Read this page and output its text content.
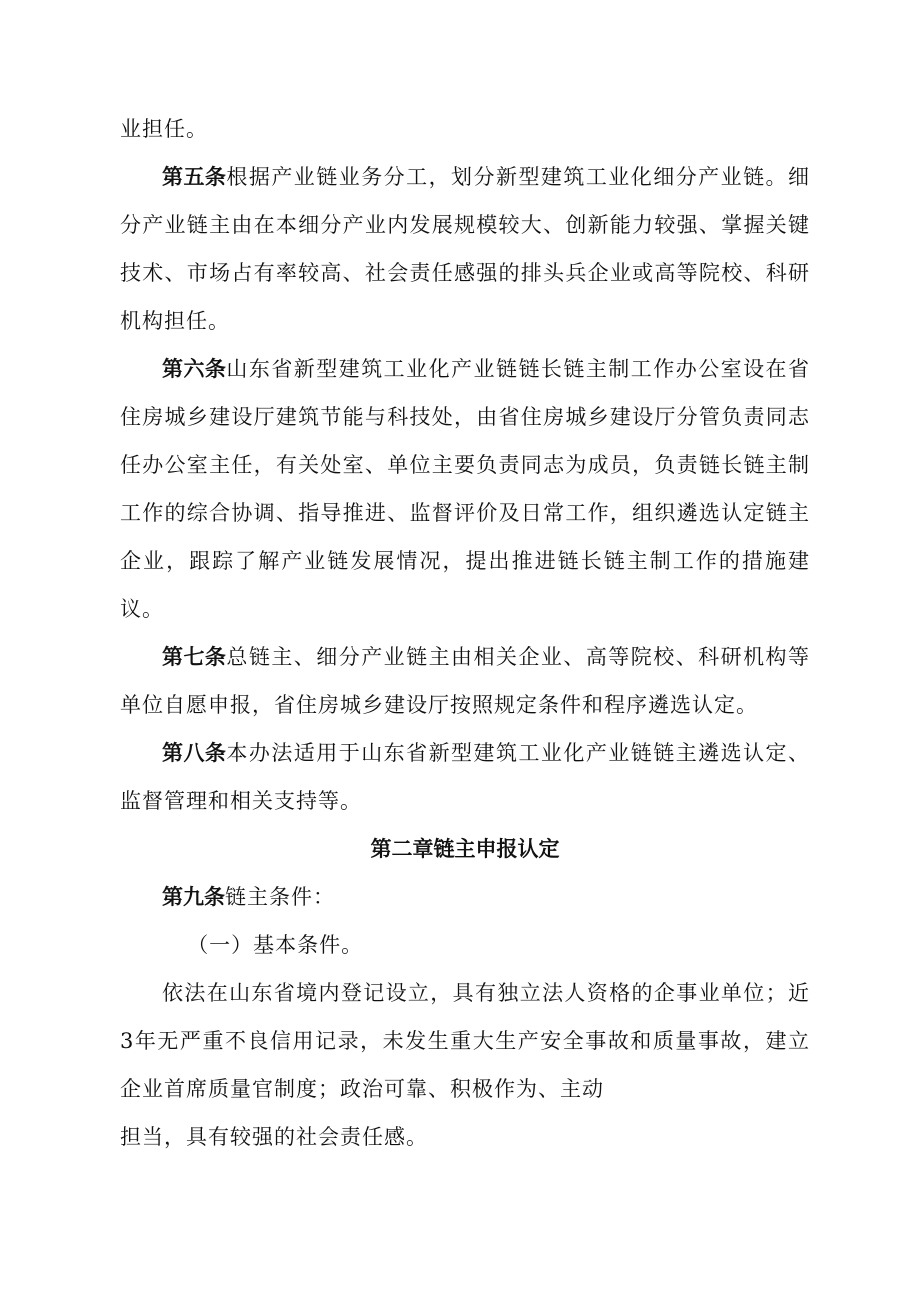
业担任。

第五条根据产业链业务分工，划分新型建筑工业化细分产业链。细分产业链主由在本细分产业内发展规模较大、创新能力较强、掌握关键技术、市场占有率较高、社会责任感强的排头兵企业或高等院校、科研机构担任。

第六条山东省新型建筑工业化产业链链长链主制工作办公室设在省住房城乡建设厅建筑节能与科技处，由省住房城乡建设厅分管负责同志任办公室主任，有关处室、单位主要负责同志为成员，负责链长链主制工作的综合协调、指导推进、监督评价及日常工作，组织遴选认定链主企业，跟踪了解产业链发展情况，提出推进链长链主制工作的措施建议。

第七条总链主、细分产业链主由相关企业、高等院校、科研机构等单位自愿申报，省住房城乡建设厅按照规定条件和程序遴选认定。

第八条本办法适用于山东省新型建筑工业化产业链链主遴选认定、监督管理和相关支持等。

第二章链主申报认定

第九条链主条件：

（一）基本条件。

依法在山东省境内登记设立，具有独立法人资格的企事业单位；近3年无严重不良信用记录，未发生重大生产安全事故和质量事故，建立企业首席质量官制度；政治可靠、积极作为、主动

担当，具有较强的社会责任感。
